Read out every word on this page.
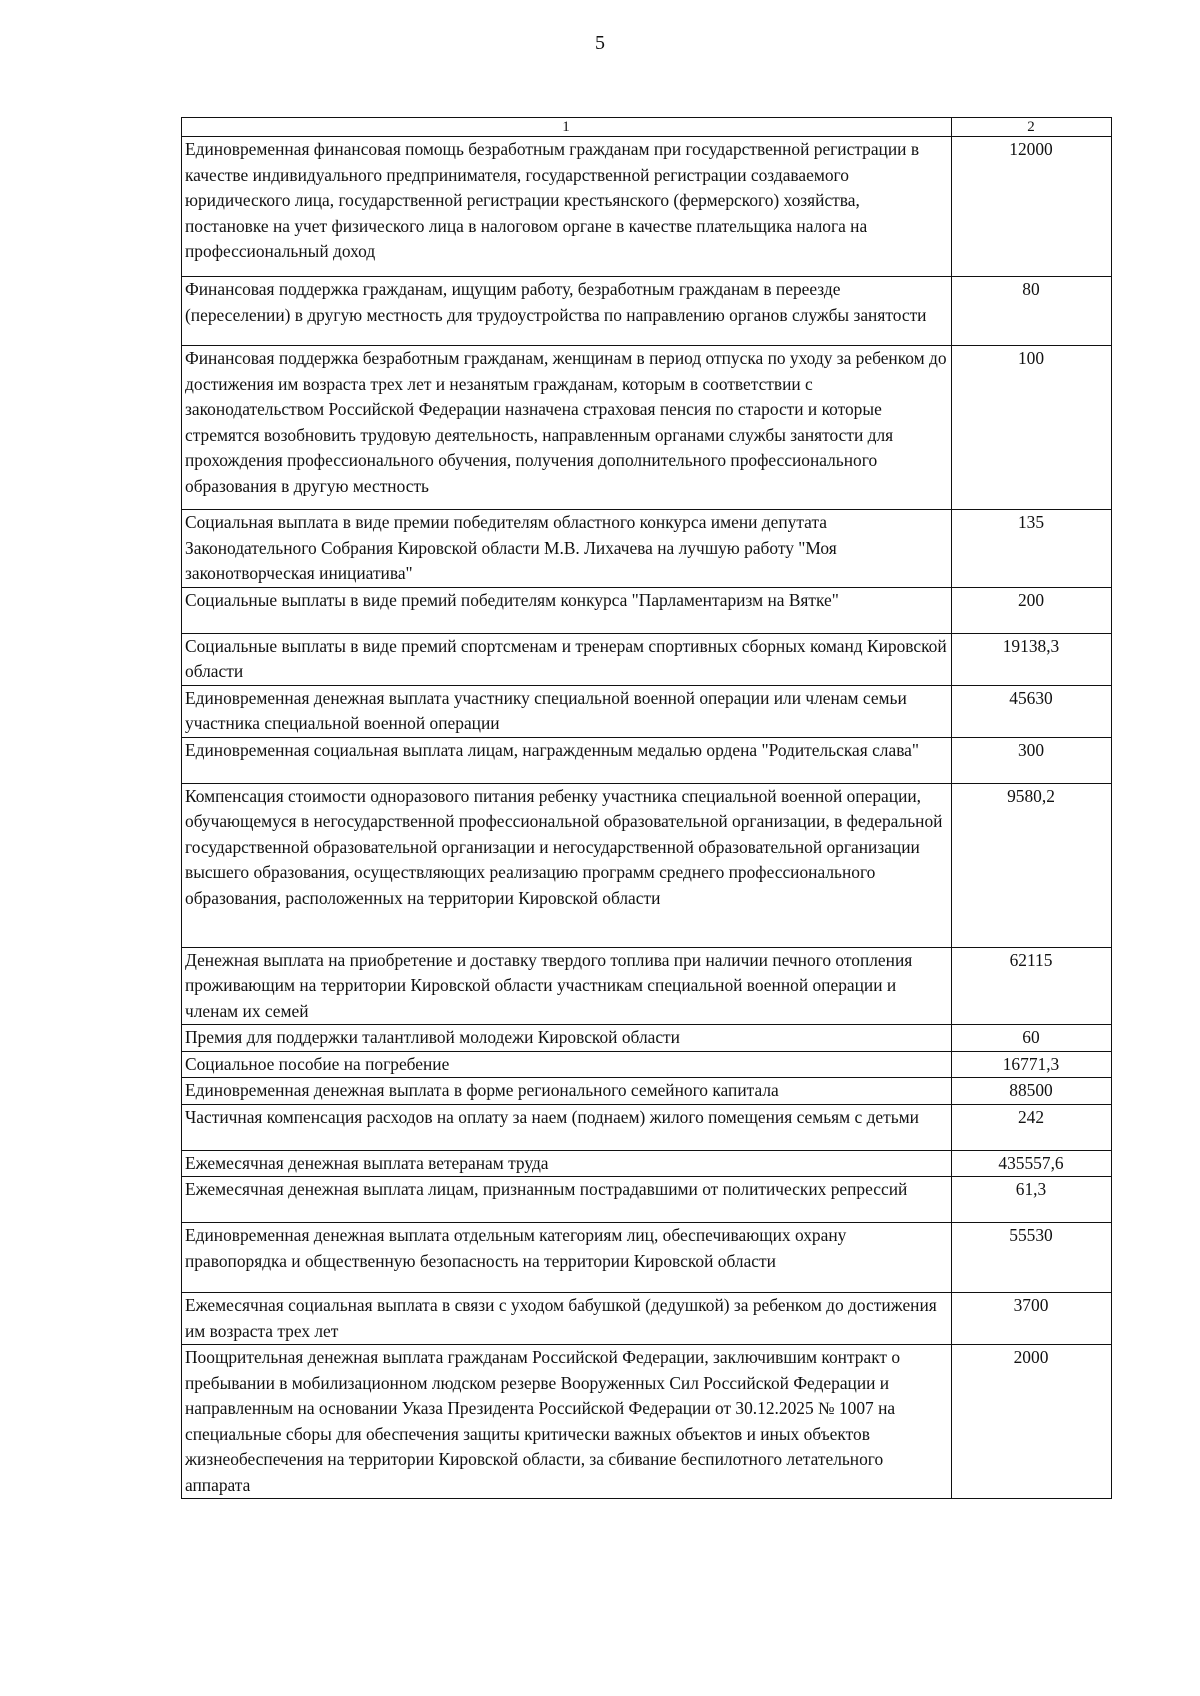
5
1	2
Единовременная финансовая помощь безработным гражданам при государственной регистрации в качестве индивидуального предпринимателя, государственной регистрации создаваемого юридического лица, государственной регистрации крестьянского (фермерского) хозяйства, постановке на учет физического лица в налоговом органе в качестве плательщика налога на профессиональный доход	12000
Финансовая поддержка гражданам, ищущим работу, безработным гражданам в переезде (переселении) в другую местность для трудоустройства по направлению органов службы занятости	80
Финансовая поддержка безработным гражданам, женщинам в период отпуска по уходу за ребенком до достижения им возраста трех лет и незанятым гражданам, которым в соответствии с законодательством Российской Федерации назначена страховая пенсия по старости и которые стремятся возобновить трудовую деятельность, направленным органами службы занятости для прохождения профессионального обучения, получения дополнительного профессионального образования в другую местность	100
Социальная выплата в виде премии победителям областного конкурса имени депутата Законодательного Собрания Кировской области М.В. Лихачева на лучшую работу "Моя законотворческая инициатива"	135
Социальные выплаты в виде премий победителям конкурса "Парламентаризм на Вятке"	200
Социальные выплаты в виде премий спортсменам и тренерам спортивных сборных команд Кировской области	19138,3
Единовременная денежная выплата участнику специальной военной операции или членам семьи участника специальной военной операции	45630
Единовременная социальная выплата лицам, награжденным медалью ордена "Родительская слава"	300
Компенсация стоимости одноразового питания ребенку участника специальной военной операции, обучающемуся в негосударственной профессиональной образовательной организации, в федеральной государственной образовательной организации и негосударственной образовательной организации высшего образования, осуществляющих реализацию программ среднего профессионального образования, расположенных на территории Кировской области	9580,2
Денежная выплата на приобретение и доставку твердого топлива при наличии печного отопления проживающим на территории Кировской области участникам специальной военной операции и членам их семей	62115
Премия для поддержки талантливой молодежи Кировской области	60
Социальное пособие на погребение	16771,3
Единовременная денежная выплата в форме регионального семейного капитала	88500
Частичная компенсация расходов на оплату за наем (поднаем) жилого помещения семьям с детьми	242
Ежемесячная денежная выплата ветеранам труда	435557,6
Ежемесячная денежная выплата лицам, признанным пострадавшими от политических репрессий	61,3
Единовременная денежная выплата отдельным категориям лиц, обеспечивающих охрану правопорядка и общественную безопасность на территории Кировской области	55530
Ежемесячная социальная выплата в связи с уходом бабушкой (дедушкой) за ребенком до достижения им возраста трех лет	3700
Поощрительная денежная выплата гражданам Российской Федерации, заключившим контракт о пребывании в мобилизационном людском резерве Вооруженных Сил Российской Федерации и направленным на основании Указа Президента Российской Федерации от 30.12.2025 № 1007 на специальные сборы для обеспечения защиты критически важных объектов и иных объектов жизнеобеспечения на территории Кировской области, за сбивание беспилотного летательного аппарата	2000
